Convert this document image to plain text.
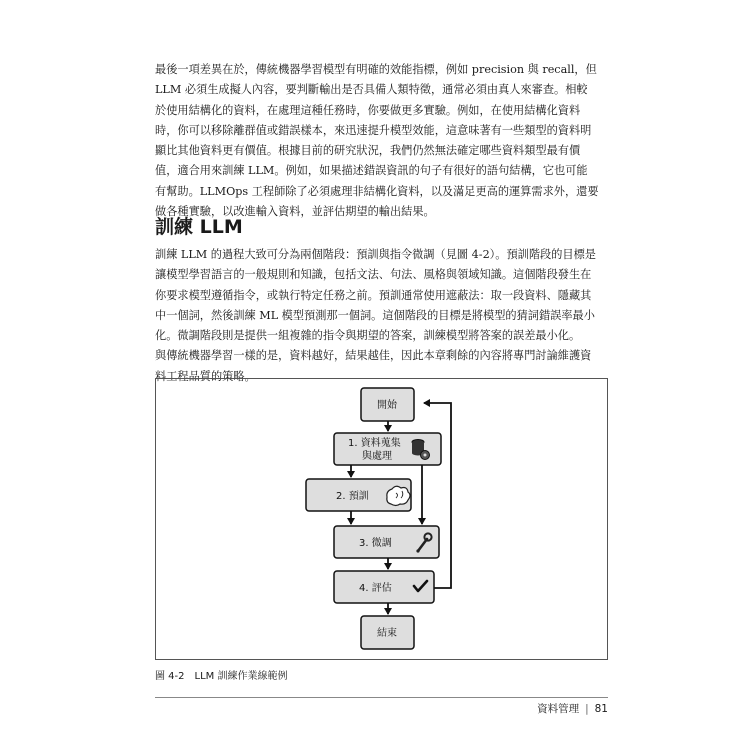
最後一項差異在於，傳統機器學習模型有明確的效能指標，例如 precision 與 recall，但
LLM 必須生成擬人內容，要判斷輸出是否具備人類特徵，通常必須由真人來審查。相較
於使用結構化的資料，在處理這種任務時，你要做更多實驗。例如，在使用結構化資料
時，你可以移除離群值或錯誤樣本，來迅速提升模型效能，這意味著有一些類型的資料明
顯比其他資料更有價值。根據目前的研究狀況，我們仍然無法確定哪些資料類型最有價
值，適合用來訓練 LLM。例如，如果描述錯誤資訊的句子有很好的語句結構，它也可能
有幫助。LLMOps 工程師除了必須處理非結構化資料，以及滿足更高的運算需求外，還要
做各種實驗，以改進輸入資料，並評估期望的輸出結果。
訓練 LLM
訓練 LLM 的過程大致可分為兩個階段：預訓與指令微調（見圖 4-2）。預訓階段的目標是
讓模型學習語言的一般規則和知識，包括文法、句法、風格與領域知識。這個階段發生在
你要求模型遵循指令，或執行特定任務之前。預訓通常使用遮蔽法：取一段資料、隱藏其
中一個詞，然後訓練 ML 模型預測那一個詞。這個階段的目標是將模型的猜詞錯誤率最小
化。微調階段則是提供一組複雜的指令與期望的答案，訓練模型將答案的誤差最小化。
與傳統機器學習一樣的是，資料越好，結果越佳，因此本章剩餘的內容將專門討論維護資
料工程品質的策略。
開始
1. 資料蒐集
與處理
2. 預訓
3. 微調
4. 評估
結束

圖 4-2　LLM 訓練作業線範例

資料管理 | 81
